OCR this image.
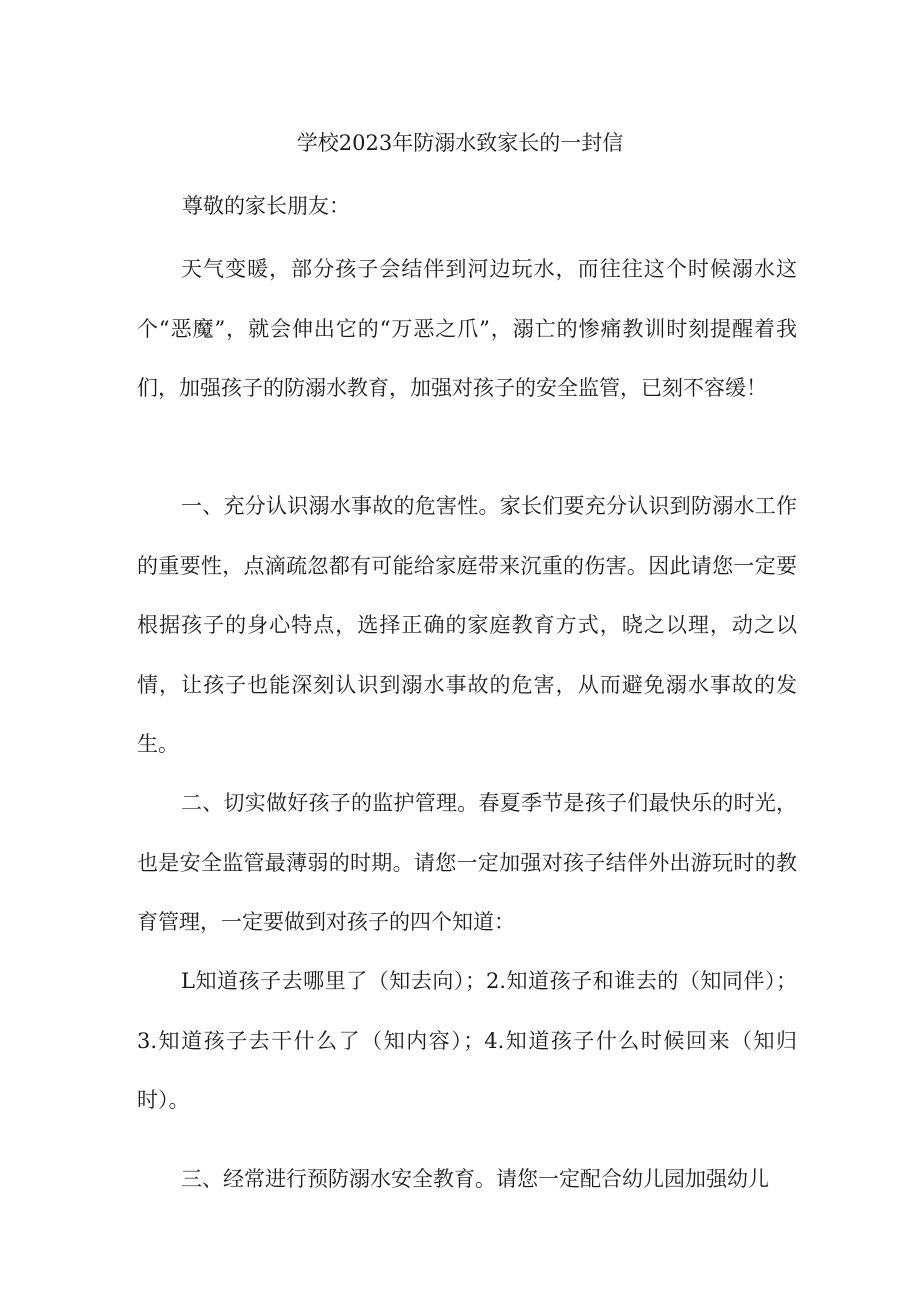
学校2023年防溺水致家长的一封信
尊敬的家长朋友：

天气变暖，部分孩子会结伴到河边玩水，而往往这个时候溺水这个“恶魔”，就会伸出它的“万恶之爪”，溺亡的惨痛教训时刻提醒着我们，加强孩子的防溺水教育，加强对孩子的安全监管，已刻不容缓！

一、充分认识溺水事故的危害性。家长们要充分认识到防溺水工作的重要性，点滴疏忽都有可能给家庭带来沉重的伤害。因此请您一定要根据孩子的身心特点，选择正确的家庭教育方式，晓之以理，动之以情，让孩子也能深刻认识到溺水事故的危害，从而避免溺水事故的发生。

二、切实做好孩子的监护管理。春夏季节是孩子们最快乐的时光，也是安全监管最薄弱的时期。请您一定加强对孩子结伴外出游玩时的教育管理，一定要做到对孩子的四个知道：

L知道孩子去哪里了（知去向）；2.知道孩子和谁去的（知同伴）；3.知道孩子去干什么了（知内容）；4.知道孩子什么时候回来（知归时）。

三、经常进行预防溺水安全教育。请您一定配合幼儿园加强幼儿
